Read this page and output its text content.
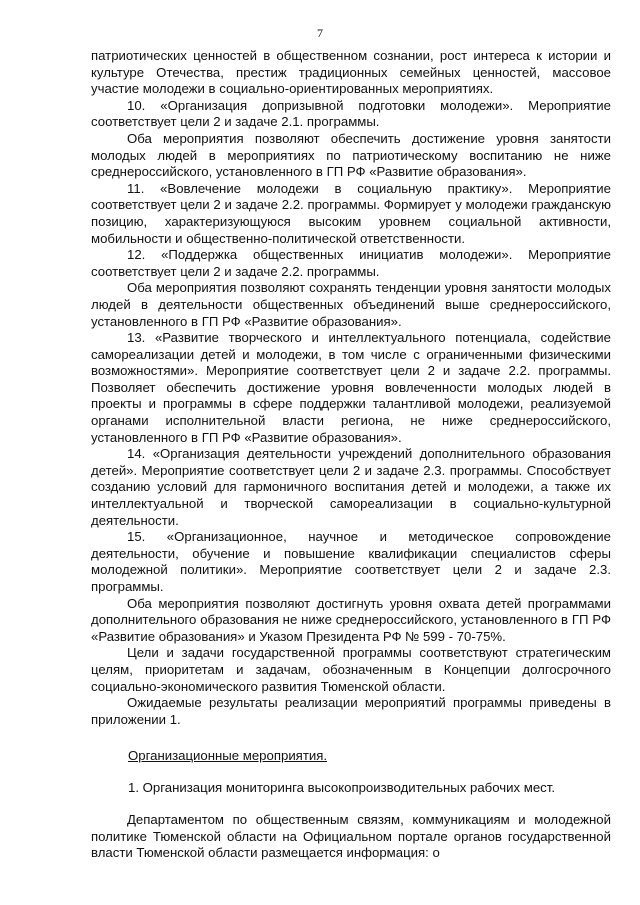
7

патриотических ценностей в общественном сознании, рост интереса к истории и культуре Отечества, престиж традиционных семейных ценностей, массовое участие молодежи в социально-ориентированных мероприятиях.

10. «Организация допризывной подготовки молодежи». Мероприятие соответствует цели 2 и задаче 2.1. программы.

Оба мероприятия позволяют обеспечить достижение уровня занятости молодых людей в мероприятиях по патриотическому воспитанию не ниже среднероссийского, установленного в ГП РФ «Развитие образования».

11. «Вовлечение молодежи в социальную практику». Мероприятие соответствует цели 2 и задаче 2.2. программы. Формирует у молодежи гражданскую позицию, характеризующуюся высоким уровнем социальной активности, мобильности и общественно-политической ответственности.

12. «Поддержка общественных инициатив молодежи». Мероприятие соответствует цели 2 и задаче 2.2. программы.

Оба мероприятия позволяют сохранять тенденции уровня занятости молодых людей в деятельности общественных объединений выше среднероссийского, установленного в ГП РФ «Развитие образования».

13. «Развитие творческого и интеллектуального потенциала, содействие самореализации детей и молодежи, в том числе с ограниченными физическими возможностями». Мероприятие соответствует цели 2 и задаче 2.2. программы. Позволяет обеспечить достижение уровня вовлеченности молодых людей в проекты и программы в сфере поддержки талантливой молодежи, реализуемой органами исполнительной власти региона, не ниже среднероссийского, установленного в ГП РФ «Развитие образования».

14. «Организация деятельности учреждений дополнительного образования детей». Мероприятие соответствует цели 2 и задаче 2.3. программы. Способствует созданию условий для гармоничного воспитания детей и молодежи, а также их интеллектуальной и творческой самореализации в социально-культурной деятельности.

15. «Организационное, научное и методическое сопровождение деятельности, обучение и повышение квалификации специалистов сферы молодежной политики». Мероприятие соответствует цели 2 и задаче 2.3. программы.

Оба мероприятия позволяют достигнуть уровня охвата детей программами дополнительного образования не ниже среднероссийского, установленного в ГП РФ «Развитие образования» и Указом Президента РФ № 599 - 70-75%.

Цели и задачи государственной программы соответствуют стратегическим целям, приоритетам и задачам, обозначенным в Концепции долгосрочного социально-экономического развития Тюменской области.

Ожидаемые результаты реализации мероприятий программы приведены в приложении 1.

Организационные мероприятия.
1. Организация мониторинга высокопроизводительных рабочих мест.

Департаментом по общественным связям, коммуникациям и молодежной политике Тюменской области на Официальном портале органов государственной власти Тюменской области размещается информация: о
